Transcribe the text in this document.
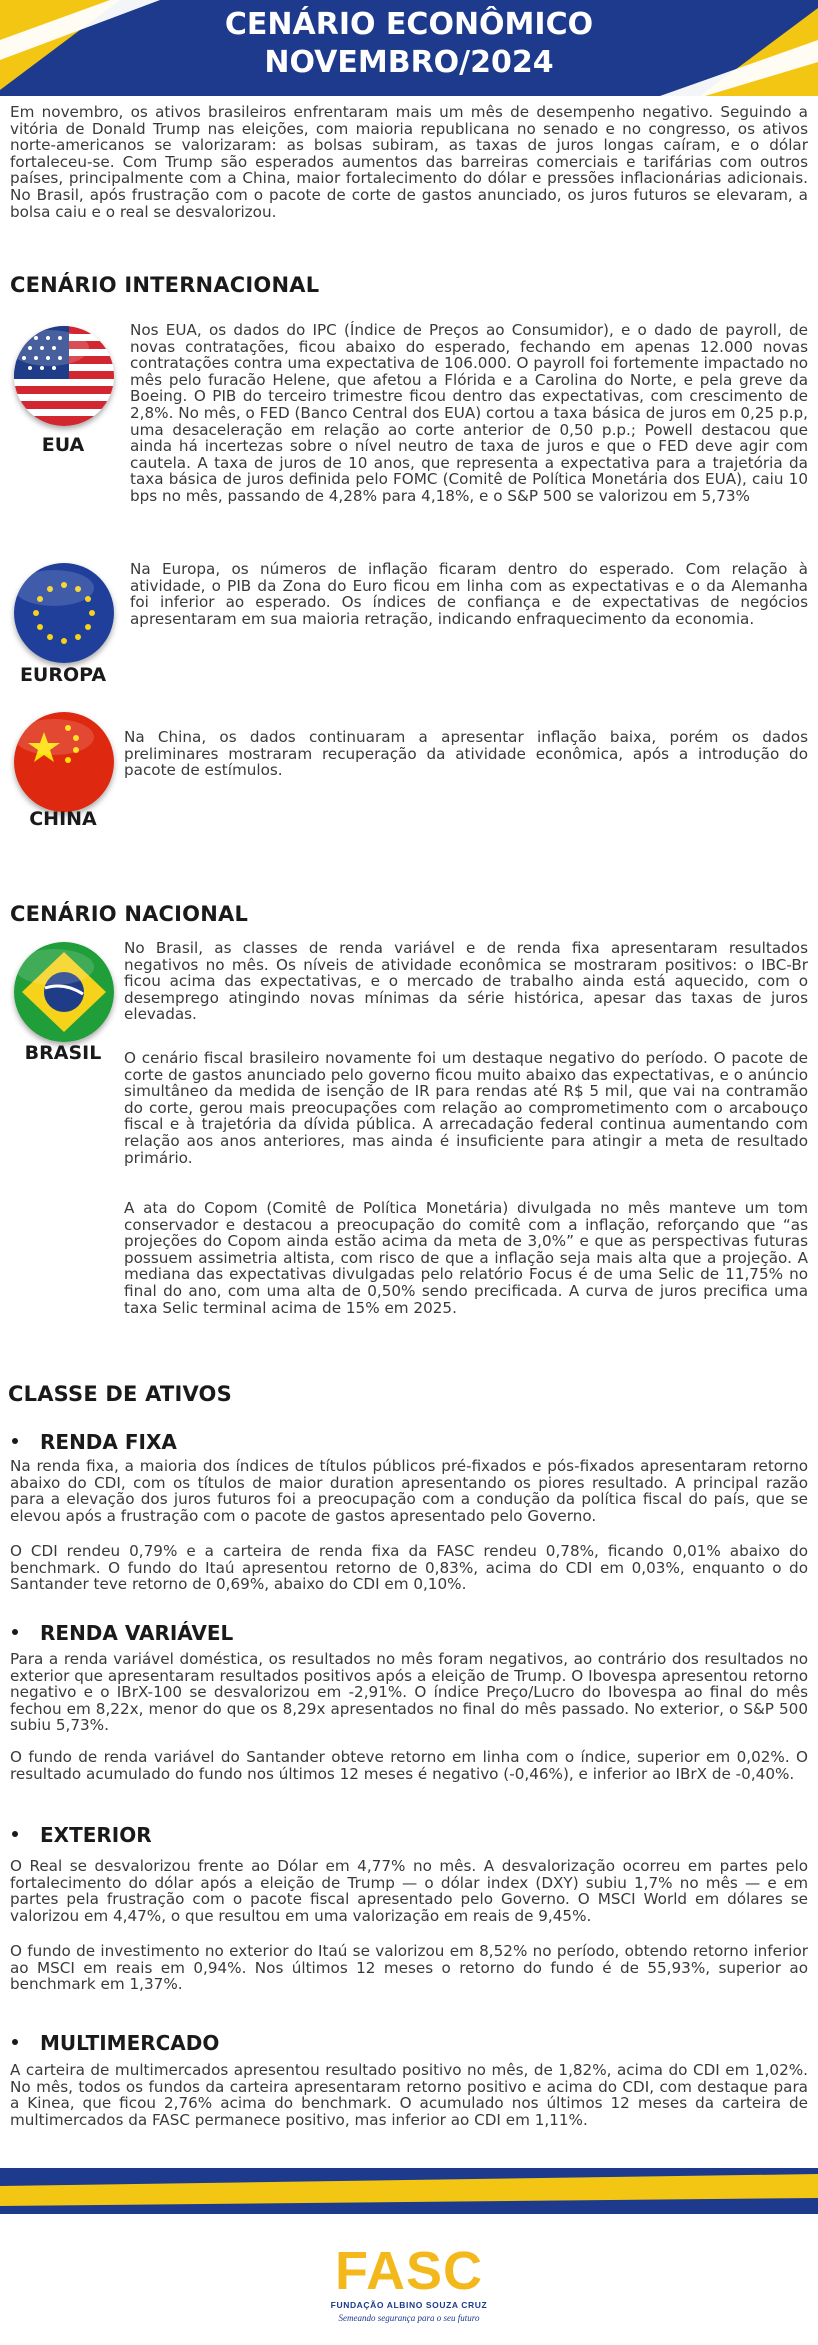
CENÁRIO ECONÔMICO
NOVEMBRO/2024

Em novembro, os ativos brasileiros enfrentaram mais um mês de desempenho negativo. Seguindo a vitória de Donald Trump nas eleições, com maioria republicana no senado e no congresso, os ativos norte-americanos se valorizaram: as bolsas subiram, as taxas de juros longas caíram, e o dólar fortaleceu-se. Com Trump são esperados aumentos das barreiras comerciais e tarifárias com outros países, principalmente com a China, maior fortalecimento do dólar e pressões inflacionárias adicionais. No Brasil, após frustração com o pacote de corte de gastos anunciado, os juros futuros se elevaram, a bolsa caiu e o real se desvalorizou.

CENÁRIO INTERNACIONAL
EUA

Nos EUA, os dados do IPC (Índice de Preços ao Consumidor), e o dado de payroll, de novas contratações, ficou abaixo do esperado, fechando em apenas 12.000 novas contratações contra uma expectativa de 106.000. O payroll foi fortemente impactado no mês pelo furacão Helene, que afetou a Flórida e a Carolina do Norte, e pela greve da Boeing. O PIB do terceiro trimestre ficou dentro das expectativas, com crescimento de 2,8%. No mês, o FED (Banco Central dos EUA) cortou a taxa básica de juros em 0,25 p.p, uma desaceleração em relação ao corte anterior de 0,50 p.p.; Powell destacou que ainda há incertezas sobre o nível neutro de taxa de juros e que o FED deve agir com cautela. A taxa de juros de 10 anos, que representa a expectativa para a trajetória da taxa básica de juros definida pelo FOMC (Comitê de Política Monetária dos EUA), caiu 10 bps no mês, passando de 4,28% para 4,18%, e o S&P 500 se valorizou em 5,73%

EUROPA

Na Europa, os números de inflação ficaram dentro do esperado. Com relação à atividade, o PIB da Zona do Euro ficou em linha com as expectativas e o da Alemanha foi inferior ao esperado. Os índices de confiança e de expectativas de negócios apresentaram em sua maioria retração, indicando enfraquecimento da economia.

CHINA

Na China, os dados continuaram a apresentar inflação baixa, porém os dados preliminares mostraram recuperação da atividade econômica, após a introdução do pacote de estímulos.

CENÁRIO NACIONAL
BRASIL

No Brasil, as classes de renda variável e de renda fixa apresentaram resultados negativos no mês. Os níveis de atividade econômica se mostraram positivos: o IBC-Br ficou acima das expectativas, e o mercado de trabalho ainda está aquecido, com o desemprego atingindo novas mínimas da série histórica, apesar das taxas de juros elevadas.

O cenário fiscal brasileiro novamente foi um destaque negativo do período. O pacote de corte de gastos anunciado pelo governo ficou muito abaixo das expectativas, e o anúncio simultâneo da medida de isenção de IR para rendas até R$ 5 mil, que vai na contramão do corte, gerou mais preocupações com relação ao comprometimento com o arcabouço fiscal e à trajetória da dívida pública. A arrecadação federal continua aumentando com relação aos anos anteriores, mas ainda é insuficiente para atingir a meta de resultado primário.

A ata do Copom (Comitê de Política Monetária) divulgada no mês manteve um tom conservador e destacou a preocupação do comitê com a inflação, reforçando que “as projeções do Copom ainda estão acima da meta de 3,0%” e que as perspectivas futuras possuem assimetria altista, com risco de que a inflação seja mais alta que a projeção. A mediana das expectativas divulgadas pelo relatório Focus é de uma Selic de 11,75% no final do ano, com uma alta de 0,50% sendo precificada. A curva de juros precifica uma taxa Selic terminal acima de 15% em 2025.

CLASSE DE ATIVOS
RENDA FIXA

Na renda fixa, a maioria dos índices de títulos públicos pré-fixados e pós-fixados apresentaram retorno abaixo do CDI, com os títulos de maior duration apresentando os piores resultado. A principal razão para a elevação dos juros futuros foi a preocupação com a condução da política fiscal do país, que se elevou após a frustração com o pacote de gastos apresentado pelo Governo.

O CDI rendeu 0,79% e a carteira de renda fixa da FASC rendeu 0,78%, ficando 0,01% abaixo do benchmark. O fundo do Itaú apresentou retorno de 0,83%, acima do CDI em 0,03%, enquanto o do Santander teve retorno de 0,69%, abaixo do CDI em 0,10%.

RENDA VARIÁVEL

Para a renda variável doméstica, os resultados no mês foram negativos, ao contrário dos resultados no exterior que apresentaram resultados positivos após a eleição de Trump. O Ibovespa apresentou retorno negativo e o IBrX-100 se desvalorizou em -2,91%. O índice Preço/Lucro do Ibovespa ao final do mês fechou em 8,22x, menor do que os 8,29x apresentados no final do mês passado. No exterior, o S&P 500 subiu 5,73%.

O fundo de renda variável do Santander obteve retorno em linha com o índice, superior em 0,02%. O resultado acumulado do fundo nos últimos 12 meses é negativo (-0,46%), e inferior ao IBrX de -0,40%.

EXTERIOR

O Real se desvalorizou frente ao Dólar em 4,77% no mês. A desvalorização ocorreu em partes pelo fortalecimento do dólar após a eleição de Trump — o dólar index (DXY) subiu 1,7% no mês — e em partes pela frustração com o pacote fiscal apresentado pelo Governo. O MSCI World em dólares se valorizou em 4,47%, o que resultou em uma valorização em reais de 9,45%.

O fundo de investimento no exterior do Itaú se valorizou em 8,52% no período, obtendo retorno inferior ao MSCI em reais em 0,94%. Nos últimos 12 meses o retorno do fundo é de 55,93%, superior ao benchmark em 1,37%.

MULTIMERCADO

A carteira de multimercados apresentou resultado positivo no mês, de 1,82%, acima do CDI em 1,02%. No mês, todos os fundos da carteira apresentaram retorno positivo e acima do CDI, com destaque para a Kinea, que ficou 2,76% acima do benchmark. O acumulado nos últimos 12 meses da carteira de multimercados da FASC permanece positivo, mas inferior ao CDI em 1,11%.

FASC
FUNDAÇÃO ALBINO SOUZA CRUZ
Semeando segurança para o seu futuro
